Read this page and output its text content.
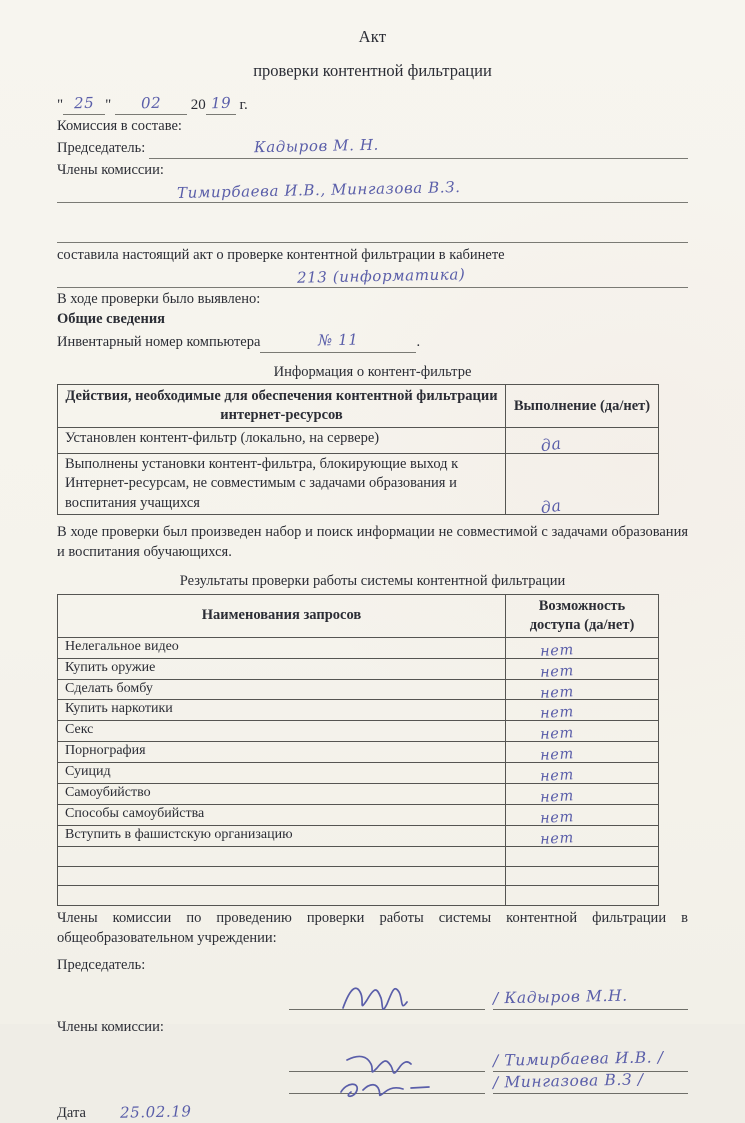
Акт
проверки контентной фильтрации
" 25 " 02 20 19 г.
Комиссия в составе:
Председатель:	Кадыров М. Н.
Члены комиссии:
Тимирбаева И.В., Мингазова В.З.

составила настоящий акт о проверке контентной фильтрации в кабинете

213 (информатика)
В ходе проверки было выявлено:
Общие сведения
Инвентарный номер компьютера	№ 11	.
Информация о контент-фильтре
Действия, необходимые для обеспечения контентной фильтрации интернет-ресурсов	Выполнение (да/нет)
Установлен контент-фильтр (локально, на сервере)	да
Выполнены установки контент-фильтра, блокирующие выход к Интернет-ресурсам, не совместимым с задачами образования и воспитания учащихся	да

В ходе проверки был произведен набор и поиск информации не совместимой с задачами образования и воспитания обучающихся.

Результаты проверки работы системы контентной фильтрации
Наименования запросов	Возможность доступа (да/нет)
Нелегальное видео	нет
Купить оружие	нет
Сделать бомбу	нет
Купить наркотики	нет
Секс	нет
Порнография	нет
Суицид	нет
Самоубийство	нет
Способы самоубийства	нет
Вступить в фашистскую организацию	нет

Члены комиссии по проведению проверки работы системы контентной фильтрации в общеобразовательном учреждении:

Председатель:
/ Кадыров М.Н.
Члены комиссии:
/ Тимирбаева И.В. /
/ Мингазова В.З /
Дата 25.02.19
